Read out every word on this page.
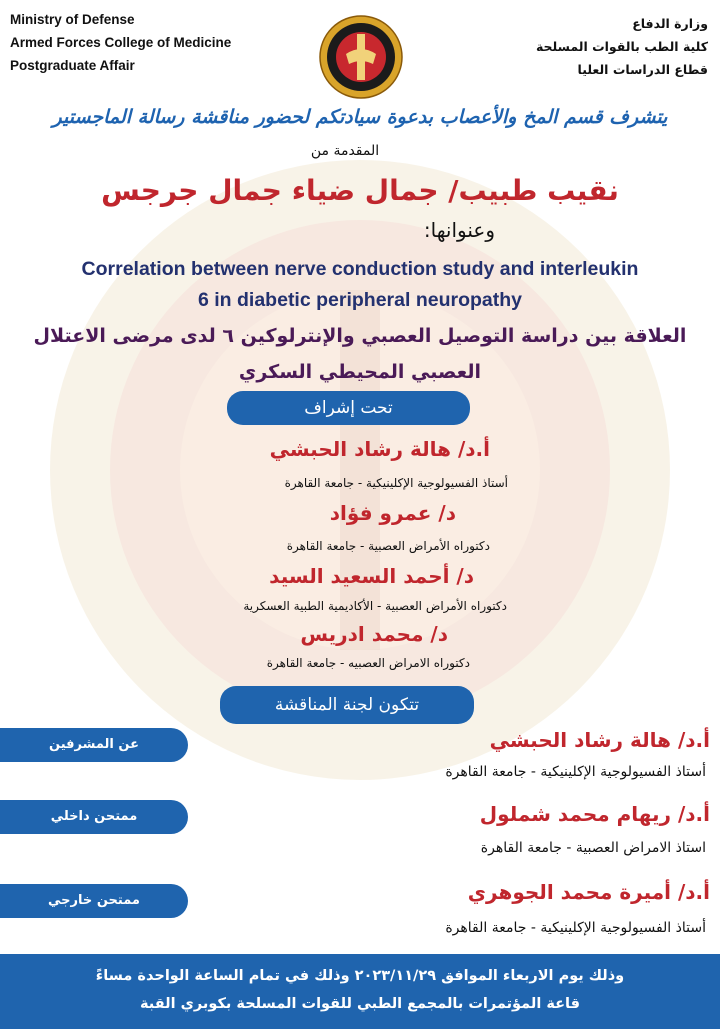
Ministry of Defense
Armed Forces College of Medicine
Postgraduate Affair
وزارة الدفاع
كلية الطب بالقوات المسلحة
قطاع الدراسات العليا
يتشرف قسم المخ والأعصاب بدعوة سيادتكم لحضور مناقشة رسالة الماجستير
المقدمة من
نقيب طبيب/ جمال ضياء جمال جرجس
وعنوانها:
Correlation between nerve conduction study and interleukin
6 in diabetic peripheral neuropathy
العلاقة بين دراسة التوصيل العصبي والإنترلوكين ٦ لدى مرضى الاعتلال
العصبي المحيطي السكري
تحت إشراف
أ.د/ هالة رشاد الحبشي
أستاذ الفسيولوجية الإكلينيكية - جامعة القاهرة
د/ عمرو فؤاد
دكتوراه الأمراض العصبية - جامعة القاهرة
د/ أحمد السعيد السيد
دكتوراه الأمراض العصبية - الأكاديمية الطبية العسكرية
د/ محمد ادريس
دكتوراه الامراض العصبيه - جامعة القاهرة
تتكون لجنة المناقشة
عن المشرفين	أ.د/ هالة رشاد الحبشي
أستاذ الفسيولوجية الإكلينيكية - جامعة القاهرة
ممتحن داخلي	أ.د/ ريهام محمد شملول
استاذ الامراض العصبية - جامعة القاهرة
ممتحن خارجي	أ.د/ أميرة محمد الجوهري
أستاذ الفسيولوجية الإكلينيكية - جامعة القاهرة
وذلك يوم الاربعاء الموافق ٢٠٢٣/١١/٢٩ وذلك في تمام الساعة الواحدة مساءً
قاعة المؤتمرات بالمجمع الطبي للقوات المسلحة بكوبري القبة
